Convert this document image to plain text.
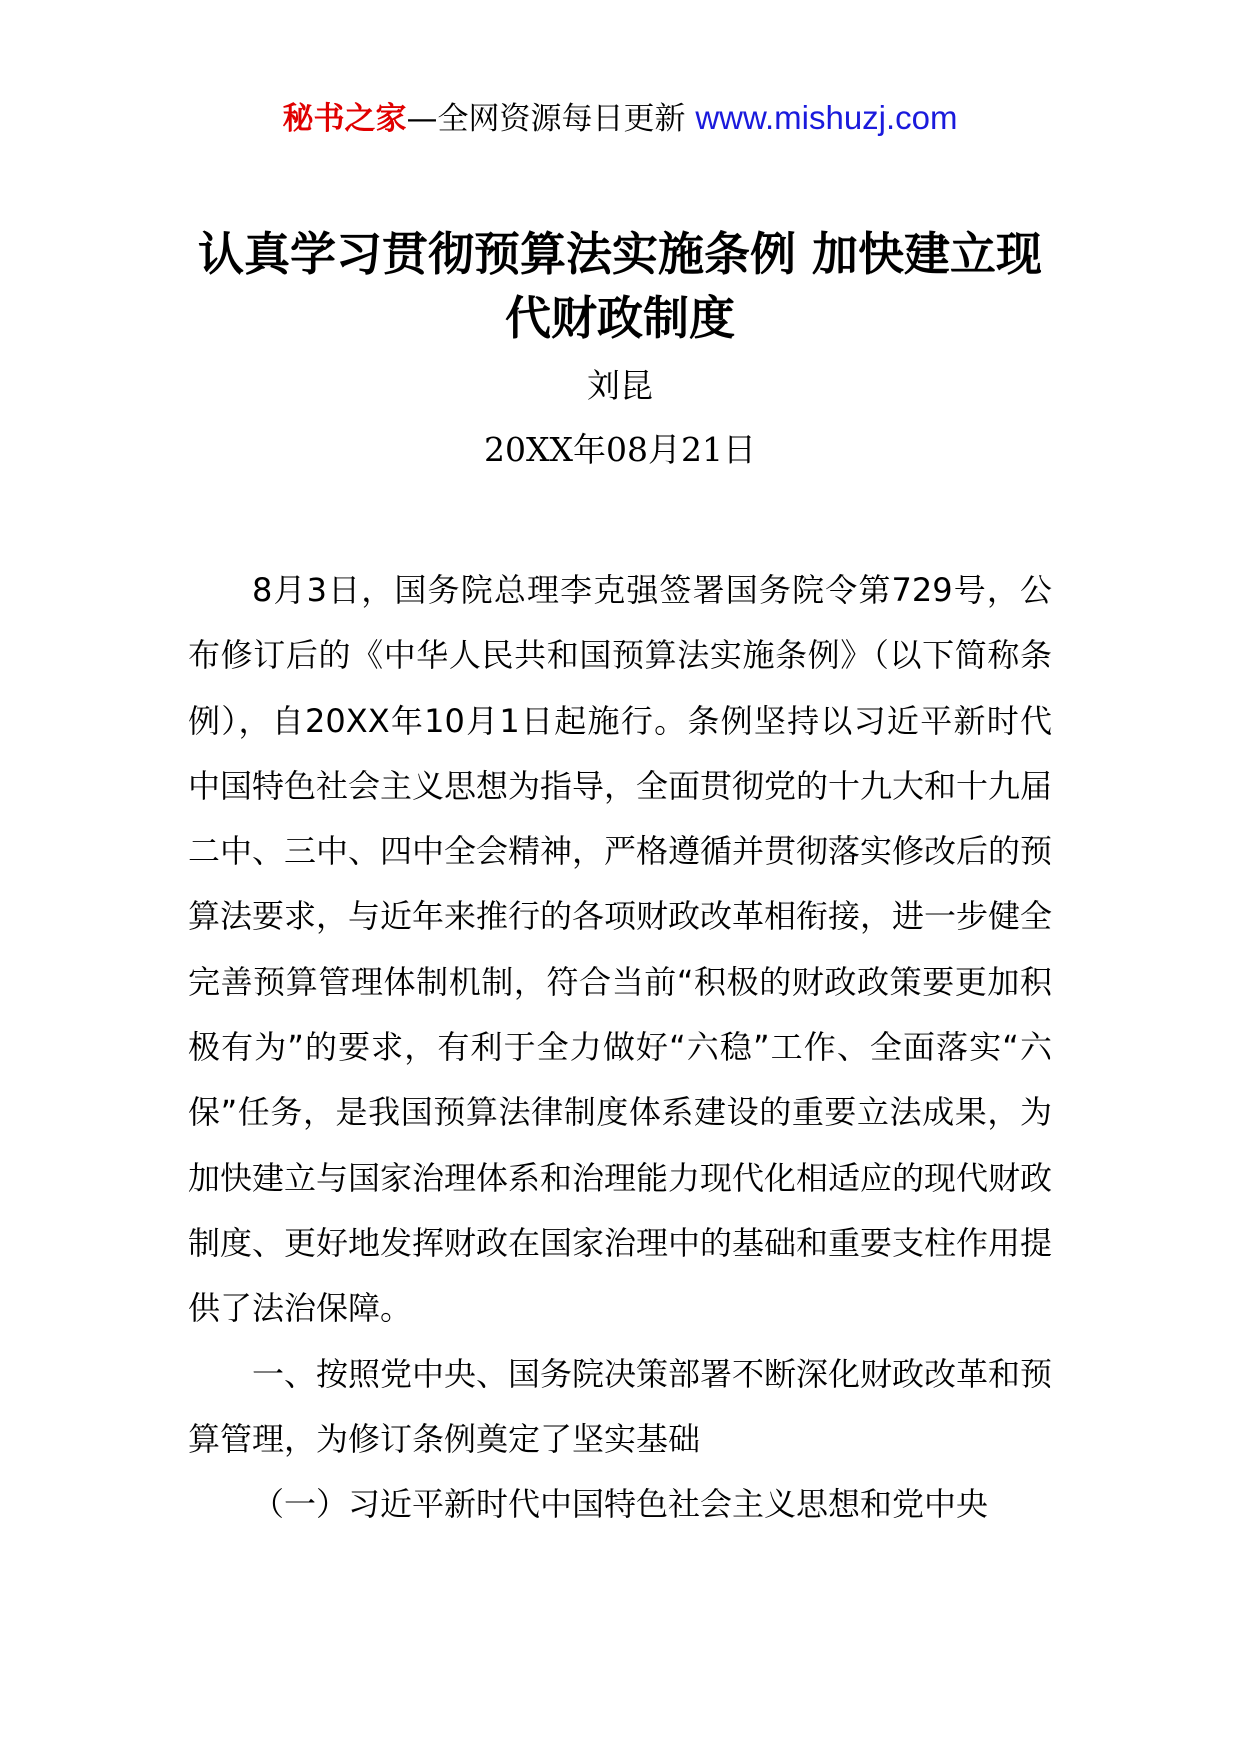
秘书之家—全网资源每日更新 www.mishuzj.com
认真学习贯彻预算法实施条例 加快建立现代财政制度
刘昆
20XX年08月21日

8月3日，国务院总理李克强签署国务院令第729号，公布修订后的《中华人民共和国预算法实施条例》（以下简称条例），自20XX年10月1日起施行。条例坚持以习近平新时代中国特色社会主义思想为指导，全面贯彻党的十九大和十九届二中、三中、四中全会精神，严格遵循并贯彻落实修改后的预算法要求，与近年来推行的各项财政改革相衔接，进一步健全完善预算管理体制机制，符合当前“积极的财政政策要更加积极有为”的要求，有利于全力做好“六稳”工作、全面落实“六保”任务，是我国预算法律制度体系建设的重要立法成果，为加快建立与国家治理体系和治理能力现代化相适应的现代财政制度、更好地发挥财政在国家治理中的基础和重要支柱作用提供了法治保障。

一、按照党中央、国务院决策部署不断深化财政改革和预算管理，为修订条例奠定了坚实基础

（一）习近平新时代中国特色社会主义思想和党中央
